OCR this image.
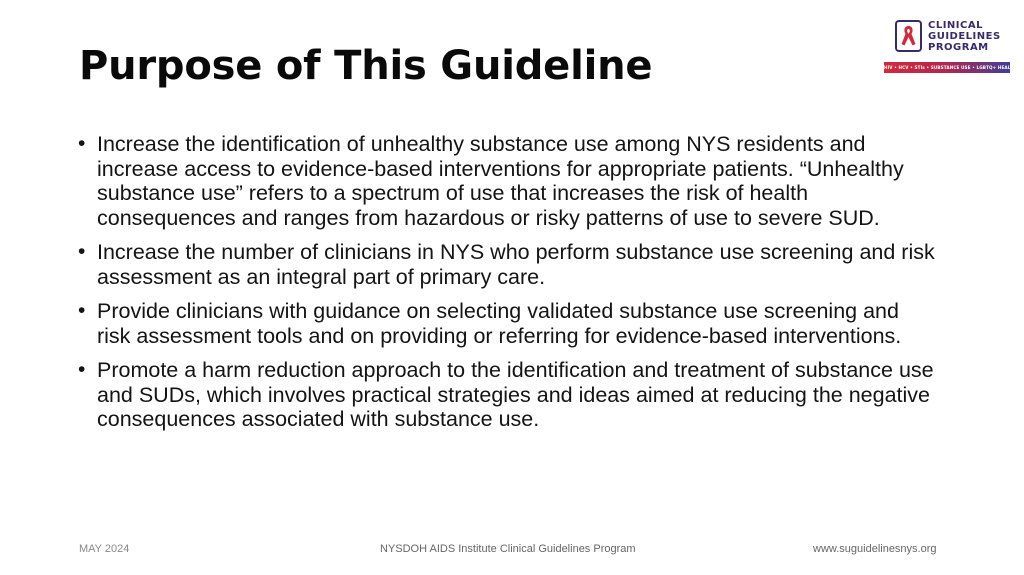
Purpose of This Guideline
CLINICAL
GUIDELINES
PROGRAM
HIV • HCV • STIs • SUBSTANCE USE • LGBTQ+ HEALTH
• Increase the identification of unhealthy substance use among NYS residents and increase access to evidence-based interventions for appropriate patients. “Unhealthy substance use” refers to a spectrum of use that increases the risk of health consequences and ranges from hazardous or risky patterns of use to severe SUD.
• Increase the number of clinicians in NYS who perform substance use screening and risk assessment as an integral part of primary care.
• Provide clinicians with guidance on selecting validated substance use screening and risk assessment tools and on providing or referring for evidence-based interventions.
• Promote a harm reduction approach to the identification and treatment of substance use and SUDs, which involves practical strategies and ideas aimed at reducing the negative consequences associated with substance use.
MAY 2024	NYSDOH AIDS Institute Clinical Guidelines Program	www.suguidelinesnys.org
